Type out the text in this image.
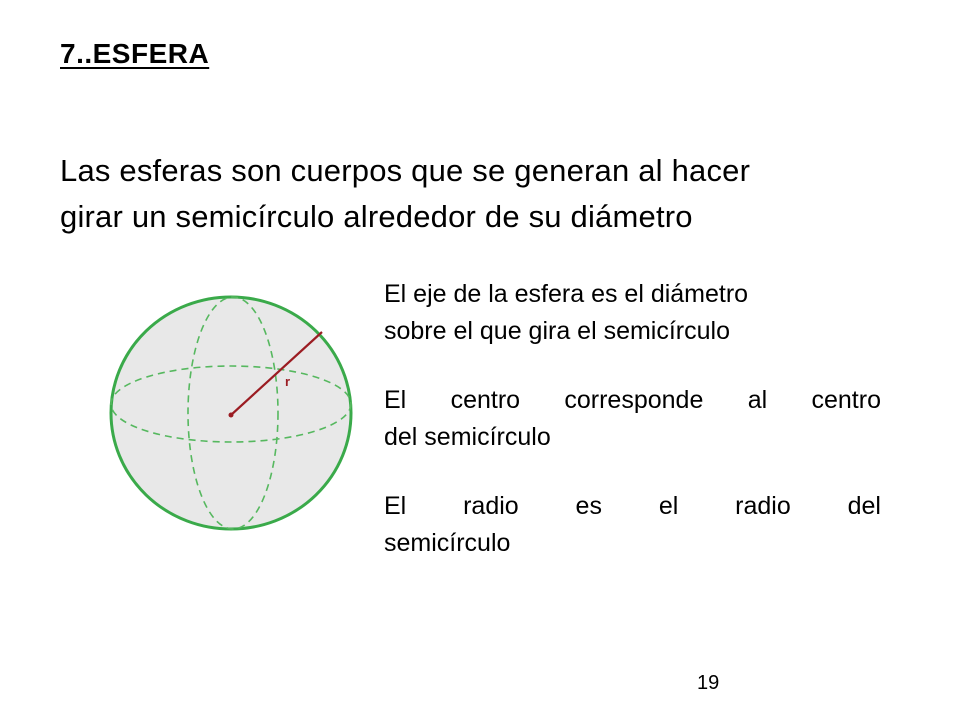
7..ESFERA
Las esferas son cuerpos que se generan al hacer
girar un semicírculo alrededor de su diámetro
r
El eje de la esfera es el diámetro
sobre el que gira el semicírculo
El centro corresponde al centro
del semicírculo
El radio es el radio del
semicírculo
19
